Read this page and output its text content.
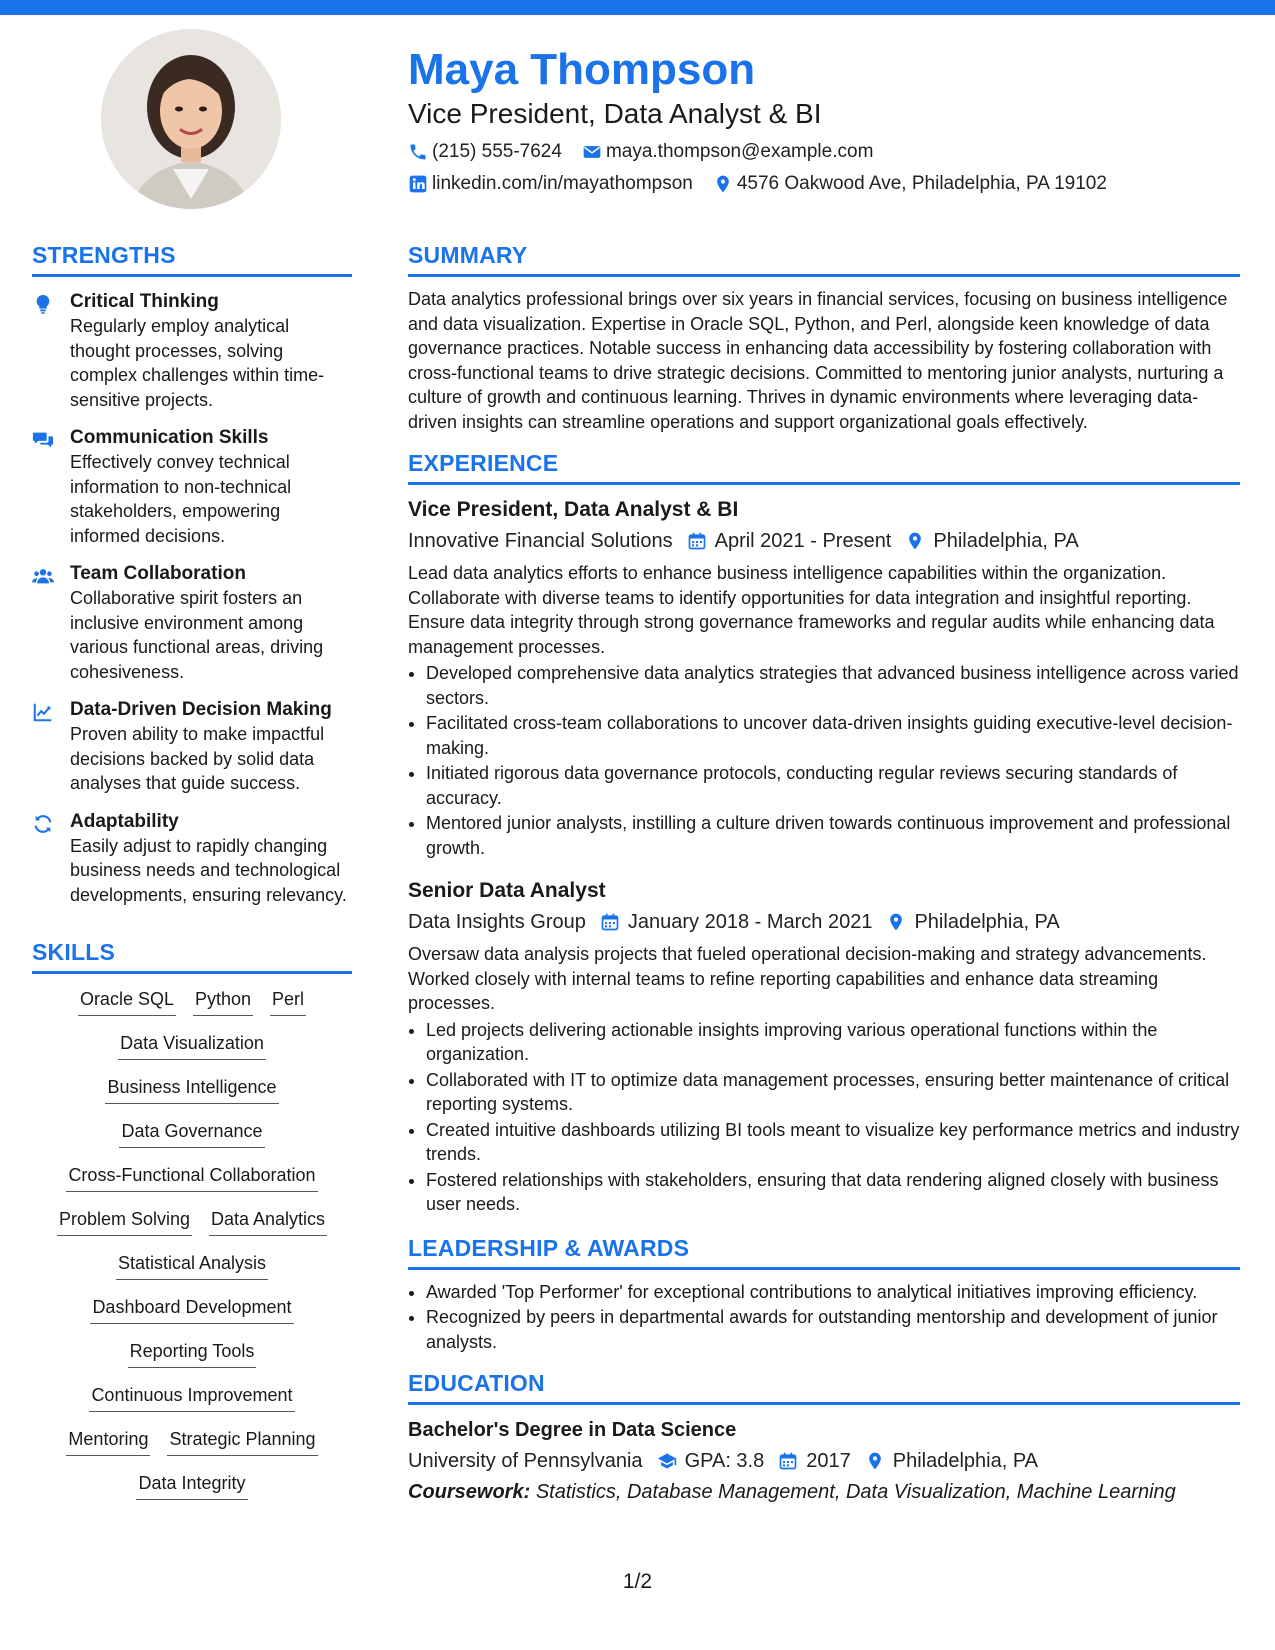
Maya Thompson
Vice President, Data Analyst & BI
(215) 555-7624 maya.thompson@example.com
linkedin.com/in/mayathompson 4576 Oakwood Ave, Philadelphia, PA 19102
STRENGTHS
Critical Thinking
Regularly employ analytical thought processes, solving complex challenges within time-sensitive projects.
Communication Skills
Effectively convey technical information to non-technical stakeholders, empowering informed decisions.
Team Collaboration
Collaborative spirit fosters an inclusive environment among various functional areas, driving cohesiveness.
Data-Driven Decision Making
Proven ability to make impactful decisions backed by solid data analyses that guide success.
Adaptability
Easily adjust to rapidly changing business needs and technological developments, ensuring relevancy.
SKILLS
Oracle SQL Python Perl
Data Visualization
Business Intelligence
Data Governance
Cross-Functional Collaboration
Problem Solving Data Analytics
Statistical Analysis
Dashboard Development
Reporting Tools
Continuous Improvement
Mentoring Strategic Planning
Data Integrity
SUMMARY
Data analytics professional brings over six years in financial services, focusing on business intelligence and data visualization. Expertise in Oracle SQL, Python, and Perl, alongside keen knowledge of data governance practices. Notable success in enhancing data accessibility by fostering collaboration with cross-functional teams to drive strategic decisions. Committed to mentoring junior analysts, nurturing a culture of growth and continuous learning. Thrives in dynamic environments where leveraging data-driven insights can streamline operations and support organizational goals effectively.
EXPERIENCE
Vice President, Data Analyst & BI
Innovative Financial Solutions April 2021 - Present Philadelphia, PA
Lead data analytics efforts to enhance business intelligence capabilities within the organization. Collaborate with diverse teams to identify opportunities for data integration and insightful reporting. Ensure data integrity through strong governance frameworks and regular audits while enhancing data management processes.
• Developed comprehensive data analytics strategies that advanced business intelligence across varied sectors.
• Facilitated cross-team collaborations to uncover data-driven insights guiding executive-level decision-making.
• Initiated rigorous data governance protocols, conducting regular reviews securing standards of accuracy.
• Mentored junior analysts, instilling a culture driven towards continuous improvement and professional growth.
Senior Data Analyst
Data Insights Group January 2018 - March 2021 Philadelphia, PA
Oversaw data analysis projects that fueled operational decision-making and strategy advancements. Worked closely with internal teams to refine reporting capabilities and enhance data streaming processes.
• Led projects delivering actionable insights improving various operational functions within the organization.
• Collaborated with IT to optimize data management processes, ensuring better maintenance of critical reporting systems.
• Created intuitive dashboards utilizing BI tools meant to visualize key performance metrics and industry trends.
• Fostered relationships with stakeholders, ensuring that data rendering aligned closely with business user needs.
LEADERSHIP & AWARDS
• Awarded 'Top Performer' for exceptional contributions to analytical initiatives improving efficiency.
• Recognized by peers in departmental awards for outstanding mentorship and development of junior analysts.
EDUCATION
Bachelor's Degree in Data Science
University of Pennsylvania GPA: 3.8 2017 Philadelphia, PA
Coursework: Statistics, Database Management, Data Visualization, Machine Learning
1/2
